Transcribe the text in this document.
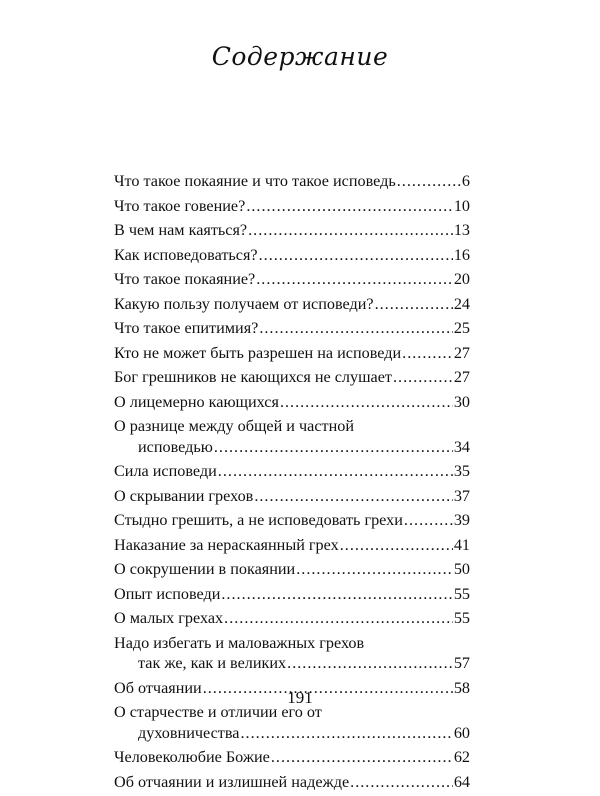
Содержание
Что такое покаяние и что такое исповедь .....	6
Что такое говение? .....	10
В чем нам каяться? .....	13
Как исповедоваться? .....	16
Что такое покаяние? .....	20
Какую пользу получаем от исповеди? .....	24
Что такое епитимия? .....	25
Кто не может быть разрешен на исповеди .....	27
Бог грешников не кающихся не слушает .....	27
О лицемерно кающихся .....	30
О разнице между общей и частной
исповедью .....	34
Сила исповеди .....	35
О скрывании грехов .....	37
Стыдно грешить, а не исповедовать грехи .....	39
Наказание за нераскаянный грех .....	41
О сокрушении в покаянии .....	50
Опыт исповеди .....	55
О малых грехах .....	55
Надо избегать и маловажных грехов
так же, как и великих .....	57
Об отчаянии .....	58
О старчестве и отличии его от
духовничества .....	60
Человеколюбие Божие .....	62
Об отчаянии и излишней надежде .....	64
191
